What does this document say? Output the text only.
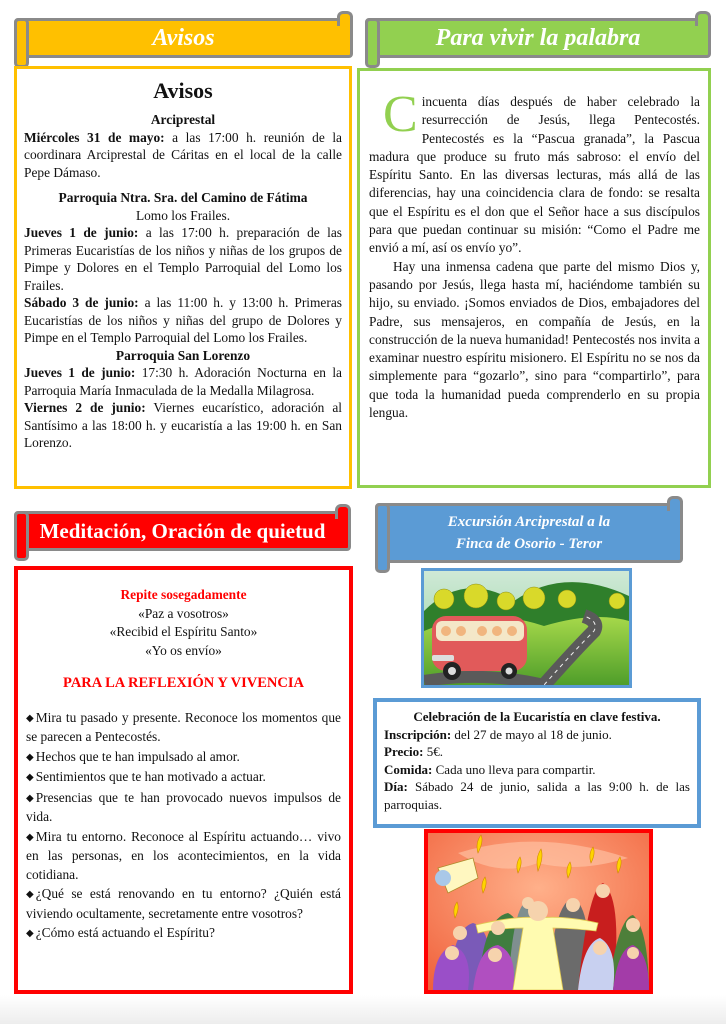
Avisos
Avisos
Arciprestal

Miércoles 31 de mayo: a las 17:00 h. reunión de la coordinara Arciprestal de Cáritas en el local de la calle Pepe Dámaso.

Parroquia Ntra. Sra. del Camino de Fátima
Lomo los Frailes.

Jueves 1 de junio: a las 17:00 h. preparación de las Primeras Eucaristías de los niños y niñas de los grupos de Pimpe y Dolores en el Templo Parroquial del Lomo los Frailes.

Sábado 3 de junio: a las 11:00 h. y 13:00 h. Primeras Eucaristías de los niños y niñas del grupo de Dolores y Pimpe en el Templo Parroquial del Lomo los Frailes.

Parroquia San Lorenzo

Jueves 1 de junio: 17:30 h. Adoración Nocturna en la Parroquia María Inmaculada de la Medalla Milagrosa.

Viernes 2 de junio: Viernes eucarístico, adoración al Santísimo a las 18:00 h. y eucaristía a las 19:00 h. en San Lorenzo.

Para vivir la palabra

Cincuenta días después de haber celebrado la resurrección de Jesús, llega Pentecostés. Pentecostés es la “Pascua granada”, la Pascua madura que produce su fruto más sabroso: el envío del Espíritu Santo. En las diversas lecturas, más allá de las diferencias, hay una coincidencia clara de fondo: se resalta que el Espíritu es el don que el Señor hace a sus discípulos para que puedan continuar su misión: “Como el Padre me envió a mí, así os envío yo”.

Hay una inmensa cadena que parte del mismo Dios y, pasando por Jesús, llega hasta mí, haciéndome también su hijo, su enviado. ¡Somos enviados de Dios, embajadores del Padre, sus mensajeros, en compañía de Jesús, en la construcción de la nueva humanidad! Pentecostés nos invita a examinar nuestro espíritu misionero. El Espíritu no se nos da simplemente para “gozarlo”, sino para “compartirlo”, para que toda la humanidad pueda comprenderlo en su propia lengua.

Meditación, Oración de quietud
Repite sosegadamente
«Paz a vosotros»
«Recibid el Espíritu Santo»
«Yo os envío»
PARA LA REFLEXIÓN Y VIVENCIA
◆ Mira tu pasado y presente. Reconoce los momentos que se parecen a Pentecostés.
◆ Hechos que te han impulsado al amor.
◆ Sentimientos que te han motivado a actuar.
◆ Presencias que te han provocado nuevos impulsos de vida.
◆ Mira tu entorno. Reconoce al Espíritu actuando… vivo en las personas, en los acontecimientos, en la vida cotidiana.
◆ ¿Qué se está renovando en tu entorno? ¿Quién está viviendo ocultamente, secretamente entre vosotros?
◆ ¿Cómo está actuando el Espíritu?
Excursión Arciprestal a la
Finca de Osorio - Teror
Celebración de la Eucaristía en clave festiva.
Inscripción: del 27 de mayo al 18 de junio.
Precio: 5€.
Comida: Cada uno lleva para compartir.
Día: Sábado 24 de junio, salida a las 9:00 h. de las parroquias.
